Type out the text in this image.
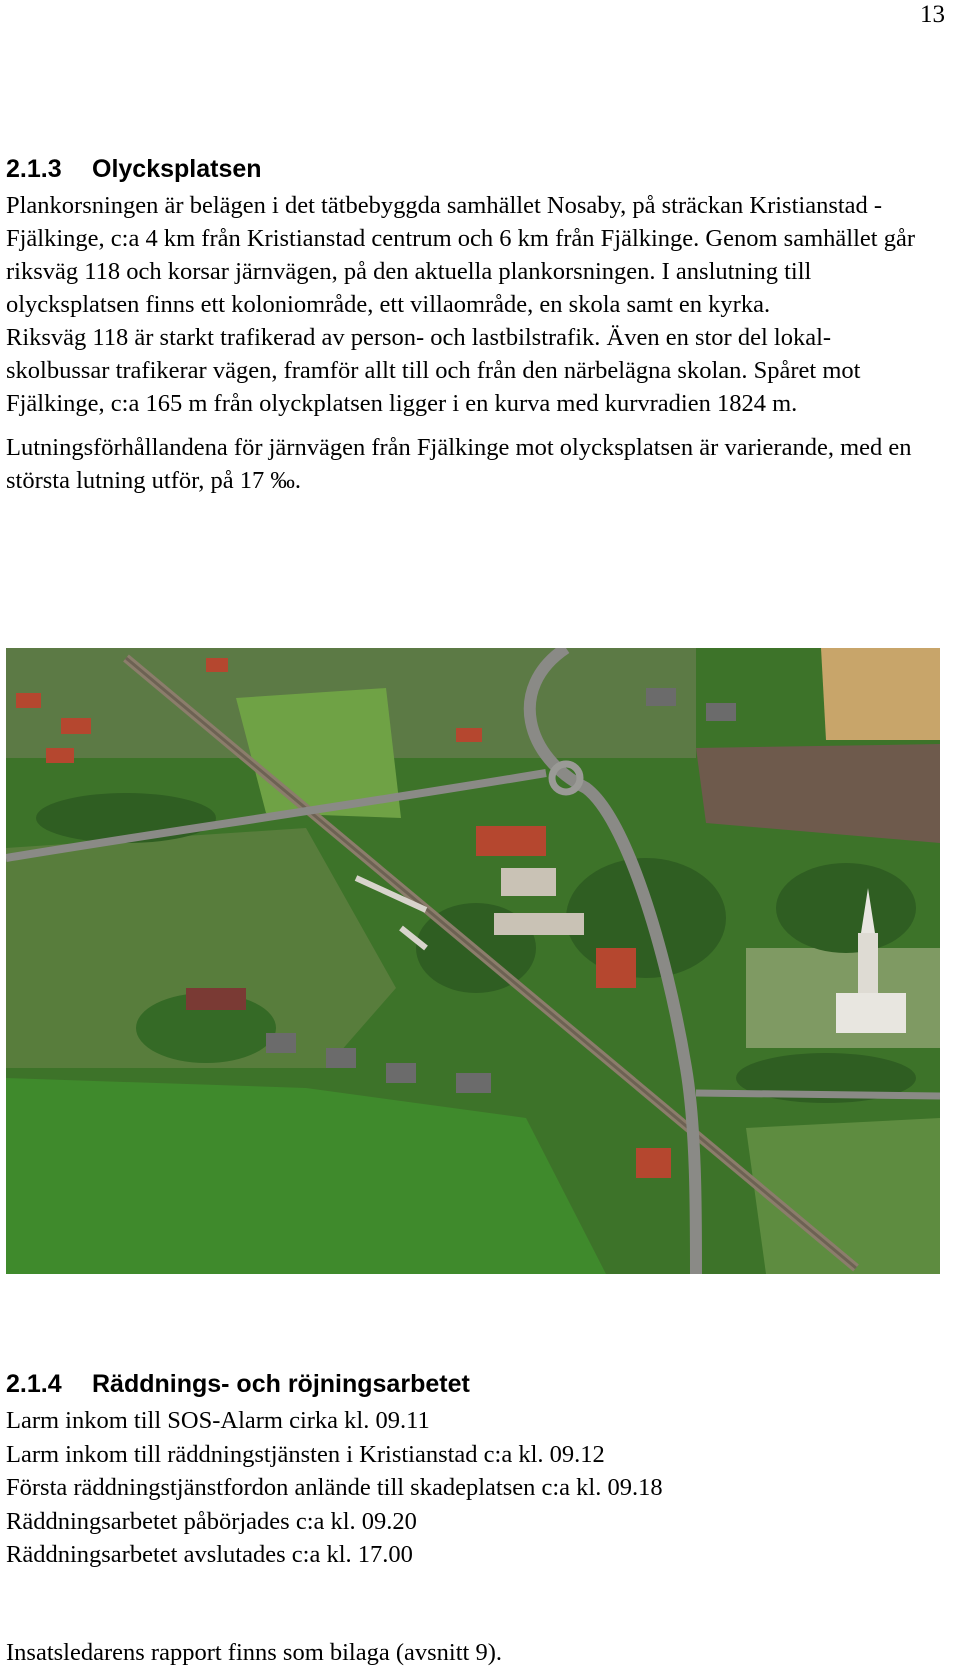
13
2.1.3 Olycksplatsen

Plankorsningen är belägen i det tätbebyggda samhället Nosaby, på sträckan Kristianstad - Fjälkinge, c:a 4 km från Kristianstad centrum och 6 km från Fjälkinge. Genom samhället går riksväg 118 och korsar järnvägen, på den aktuella plankorsningen. I anslutning till olycksplatsen finns ett koloniområde, ett villaområde, en skola samt en kyrka.

Riksväg 118 är starkt trafikerad av person- och lastbilstrafik. Även en stor del lokal- skolbussar trafikerar vägen, framför allt till och från den närbelägna skolan. Spåret mot Fjälkinge, c:a 165 m från olyckplatsen ligger i en kurva med kurvradien 1824 m.

Lutningsförhållandena för järnvägen från Fjälkinge mot olycksplatsen är varierande, med en största lutning utför, på 17 ‰.

2.1.4 Räddnings- och röjningsarbetet

Larm inkom till SOS-Alarm cirka kl. 09.11

Larm inkom till räddningstjänsten i Kristianstad c:a kl. 09.12

Första räddningstjänstfordon anlände till skadeplatsen c:a kl. 09.18

Räddningsarbetet påbörjades c:a kl. 09.20

Räddningsarbetet avslutades c:a kl. 17.00

Insatsledarens rapport finns som bilaga (avsnitt 9).
